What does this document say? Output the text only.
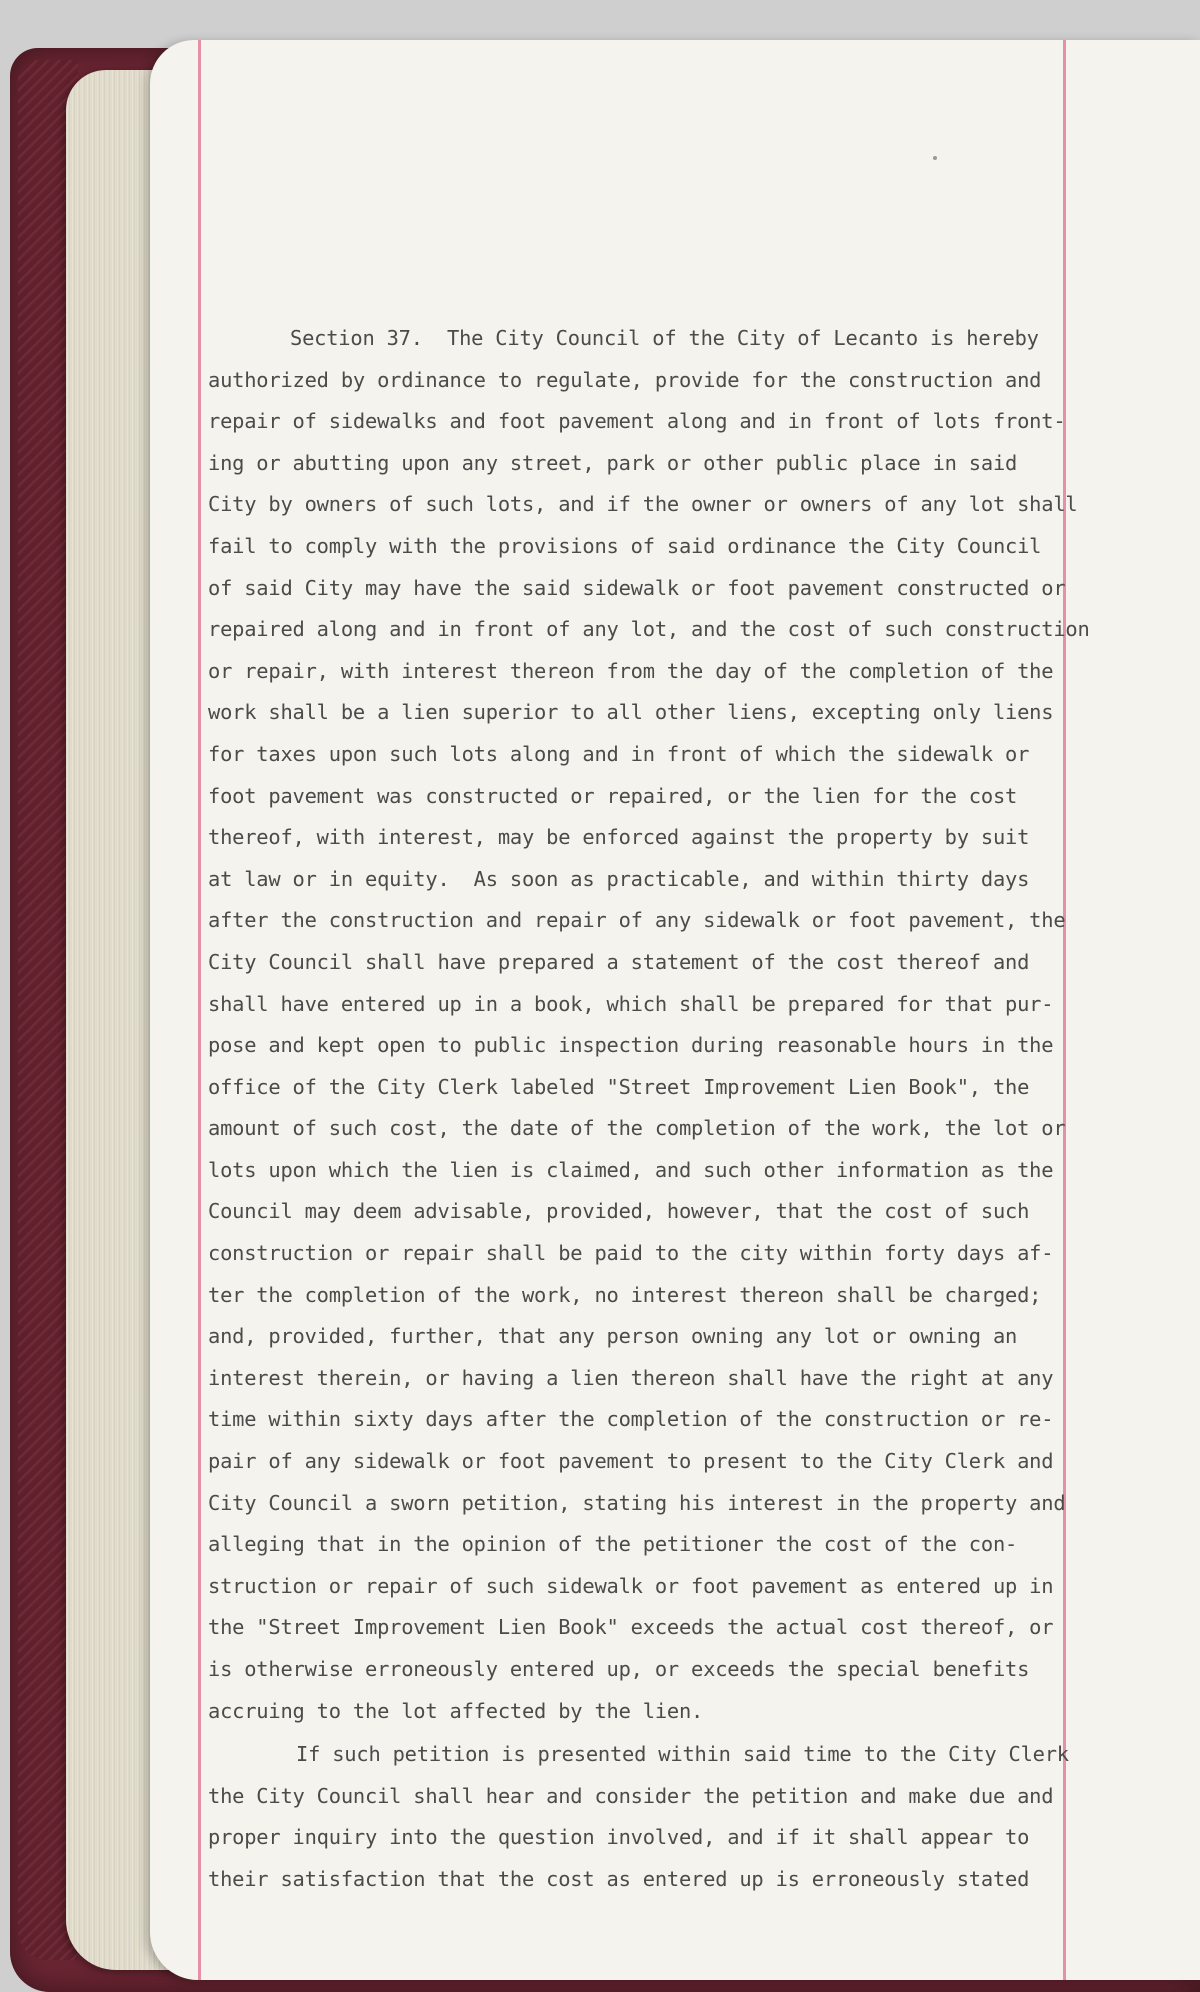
Section 37.  The City Council of the City of Lecanto is hereby
authorized by ordinance to regulate, provide for the construction and
repair of sidewalks and foot pavement along and in front of lots front-
ing or abutting upon any street, park or other public place in said
City by owners of such lots, and if the owner or owners of any lot shall
fail to comply with the provisions of said ordinance the City Council
of said City may have the said sidewalk or foot pavement constructed or
repaired along and in front of any lot, and the cost of such construction
or repair, with interest thereon from the day of the completion of the
work shall be a lien superior to all other liens, excepting only liens
for taxes upon such lots along and in front of which the sidewalk or
foot pavement was constructed or repaired, or the lien for the cost
thereof, with interest, may be enforced against the property by suit
at law or in equity.  As soon as practicable, and within thirty days
after the construction and repair of any sidewalk or foot pavement, the
City Council shall have prepared a statement of the cost thereof and
shall have entered up in a book, which shall be prepared for that pur-
pose and kept open to public inspection during reasonable hours in the
office of the City Clerk labeled "Street Improvement Lien Book", the
amount of such cost, the date of the completion of the work, the lot or
lots upon which the lien is claimed, and such other information as the
Council may deem advisable, provided, however, that the cost of such
construction or repair shall be paid to the city within forty days af-
ter the completion of the work, no interest thereon shall be charged;
and, provided, further, that any person owning any lot or owning an
interest therein, or having a lien thereon shall have the right at any
time within sixty days after the completion of the construction or re-
pair of any sidewalk or foot pavement to present to the City Clerk and
City Council a sworn petition, stating his interest in the property and
alleging that in the opinion of the petitioner the cost of the con-
struction or repair of such sidewalk or foot pavement as entered up in
the "Street Improvement Lien Book" exceeds the actual cost thereof, or
is otherwise erroneously entered up, or exceeds the special benefits
accruing to the lot affected by the lien.
If such petition is presented within said time to the City Clerk
the City Council shall hear and consider the petition and make due and
proper inquiry into the question involved, and if it shall appear to
their satisfaction that the cost as entered up is erroneously stated
